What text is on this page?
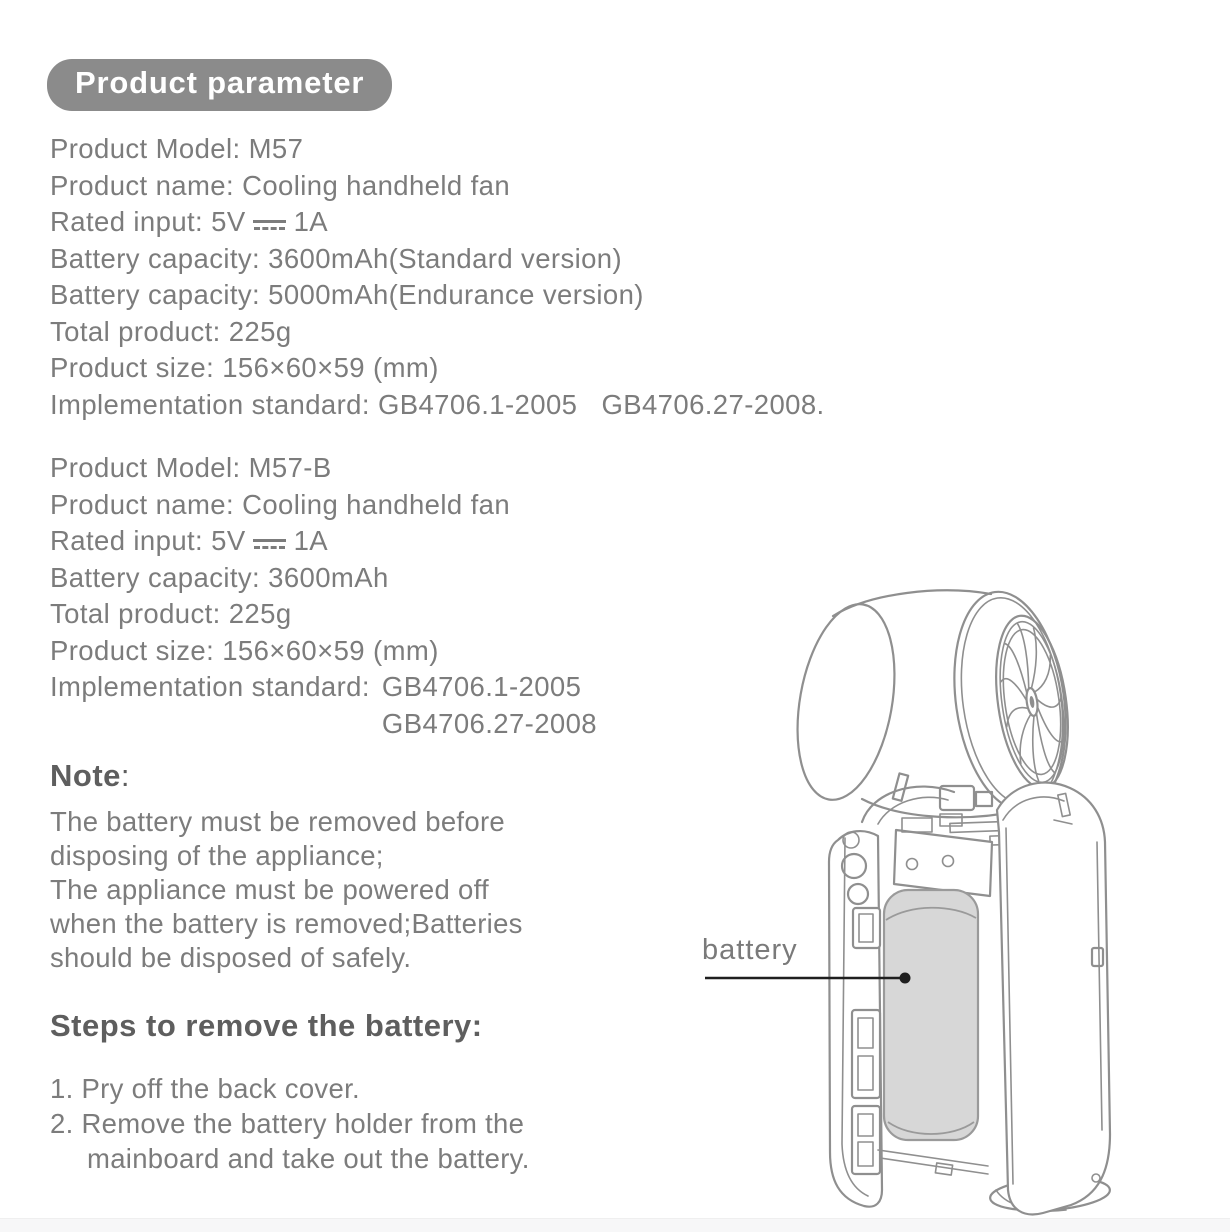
Product parameter
Product Model: M57
Product name: Cooling handheld fan
Rated input: 5V 1A
Battery capacity: 3600mAh(Standard version)
Battery capacity: 5000mAh(Endurance version)
Total product: 225g
Product size: 156×60×59 (mm)
Implementation standard: GB4706.1-2005   GB4706.27-2008.
Product Model: M57-B
Product name: Cooling handheld fan
Rated input: 5V 1A
Battery capacity: 3600mAh
Total product: 225g
Product size: 156×60×59 (mm)
Implementation standard: GB4706.1-2005
GB4706.27-2008
Note:
The battery must be removed before
disposing of the appliance;
The appliance must be powered off
when the battery is removed;Batteries
should be disposed of safely.
Steps to remove the battery:
1. Pry off the back cover.
2. Remove the battery holder from the
mainboard and take out the battery.
battery
